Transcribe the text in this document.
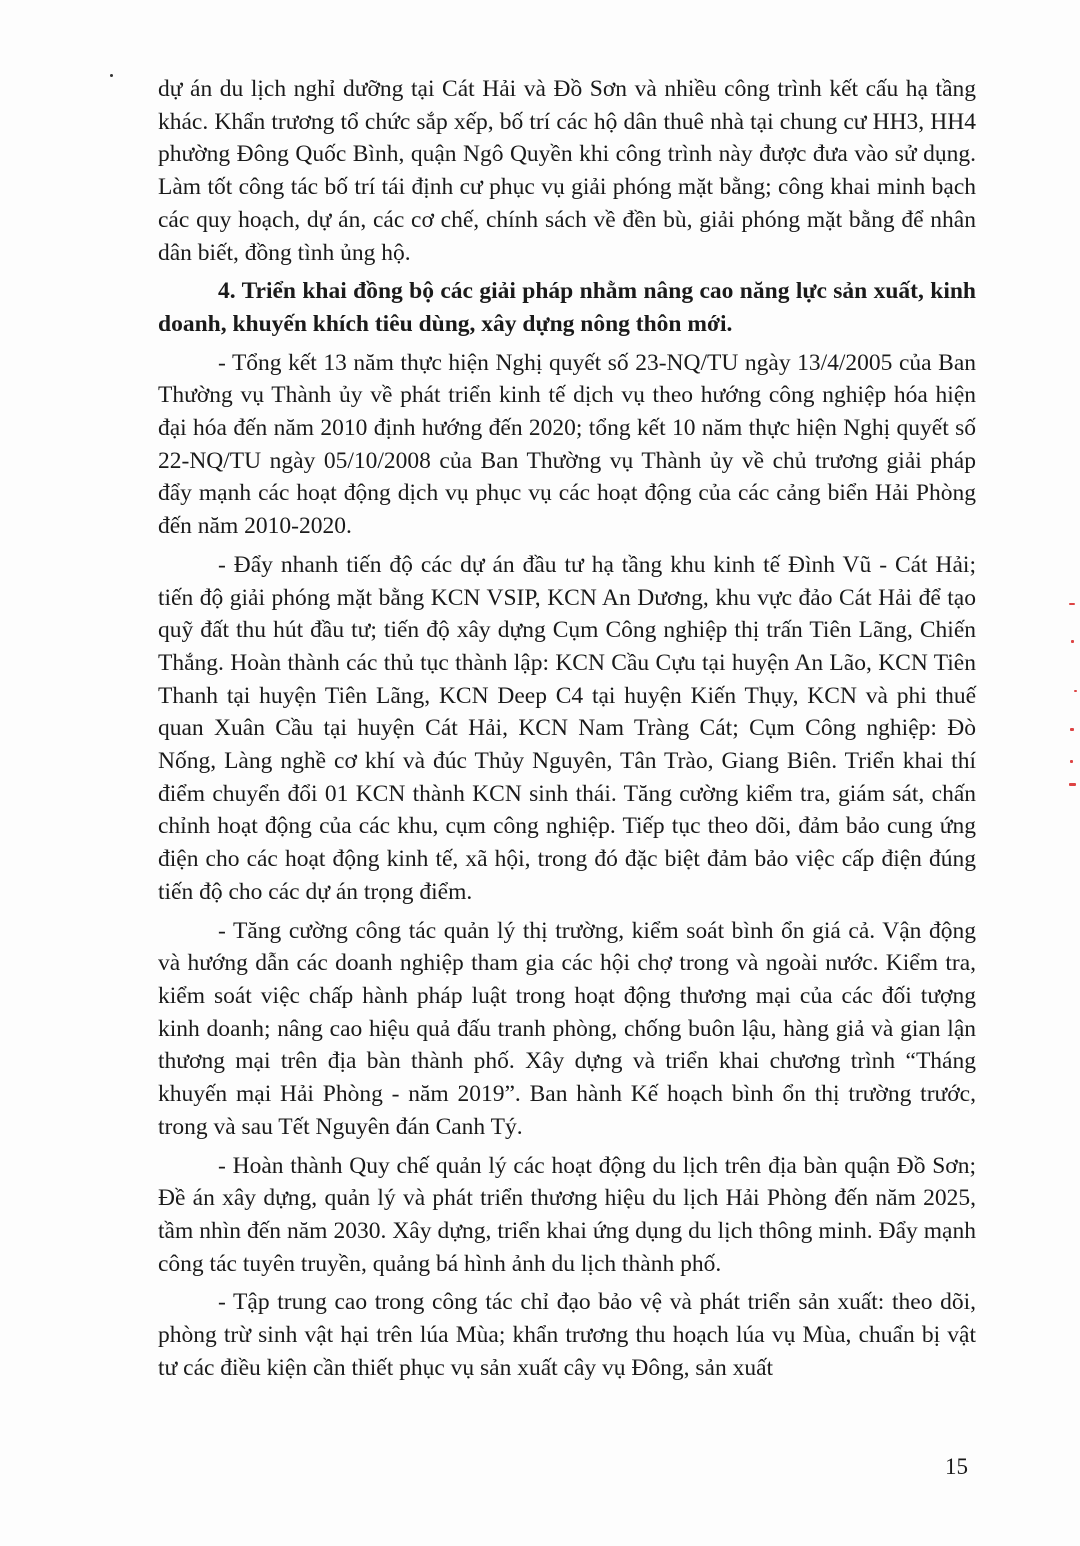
dự án du lịch nghỉ dưỡng tại Cát Hải và Đồ Sơn và nhiều công trình kết cấu hạ tầng khác. Khẩn trương tổ chức sắp xếp, bố trí các hộ dân thuê nhà tại chung cư HH3, HH4 phường Đông Quốc Bình, quận Ngô Quyền khi công trình này được đưa vào sử dụng. Làm tốt công tác bố trí tái định cư phục vụ giải phóng mặt bằng; công khai minh bạch các quy hoạch, dự án, các cơ chế, chính sách về đền bù, giải phóng mặt bằng để nhân dân biết, đồng tình ủng hộ.

4. Triển khai đồng bộ các giải pháp nhằm nâng cao năng lực sản xuất, kinh doanh, khuyến khích tiêu dùng, xây dựng nông thôn mới.

- Tổng kết 13 năm thực hiện Nghị quyết số 23-NQ/TU ngày 13/4/2005 của Ban Thường vụ Thành ủy về phát triển kinh tế dịch vụ theo hướng công nghiệp hóa hiện đại hóa đến năm 2010 định hướng đến 2020; tổng kết 10 năm thực hiện Nghị quyết số 22-NQ/TU ngày 05/10/2008 của Ban Thường vụ Thành ủy về chủ trương giải pháp đẩy mạnh các hoạt động dịch vụ phục vụ các hoạt động của các cảng biển Hải Phòng đến năm 2010-2020.

- Đẩy nhanh tiến độ các dự án đầu tư hạ tầng khu kinh tế Đình Vũ - Cát Hải; tiến độ giải phóng mặt bằng KCN VSIP, KCN An Dương, khu vực đảo Cát Hải để tạo quỹ đất thu hút đầu tư; tiến độ xây dựng Cụm Công nghiệp thị trấn Tiên Lãng, Chiến Thắng. Hoàn thành các thủ tục thành lập: KCN Cầu Cựu tại huyện An Lão, KCN Tiên Thanh tại huyện Tiên Lãng, KCN Deep C4 tại huyện Kiến Thụy, KCN và phi thuế quan Xuân Cầu tại huyện Cát Hải, KCN Nam Tràng Cát; Cụm Công nghiệp: Đò Nống, Làng nghề cơ khí và đúc Thủy Nguyên, Tân Trào, Giang Biên. Triển khai thí điểm chuyển đổi 01 KCN thành KCN sinh thái. Tăng cường kiểm tra, giám sát, chấn chỉnh hoạt động của các khu, cụm công nghiệp. Tiếp tục theo dõi, đảm bảo cung ứng điện cho các hoạt động kinh tế, xã hội, trong đó đặc biệt đảm bảo việc cấp điện đúng tiến độ cho các dự án trọng điểm.

- Tăng cường công tác quản lý thị trường, kiểm soát bình ổn giá cả. Vận động và hướng dẫn các doanh nghiệp tham gia các hội chợ trong và ngoài nước. Kiểm tra, kiểm soát việc chấp hành pháp luật trong hoạt động thương mại của các đối tượng kinh doanh; nâng cao hiệu quả đấu tranh phòng, chống buôn lậu, hàng giả và gian lận thương mại trên địa bàn thành phố. Xây dựng và triển khai chương trình “Tháng khuyến mại Hải Phòng - năm 2019”. Ban hành Kế hoạch bình ổn thị trường trước, trong và sau Tết Nguyên đán Canh Tý.

- Hoàn thành Quy chế quản lý các hoạt động du lịch trên địa bàn quận Đồ Sơn; Đề án xây dựng, quản lý và phát triển thương hiệu du lịch Hải Phòng đến năm 2025, tầm nhìn đến năm 2030. Xây dựng, triển khai ứng dụng du lịch thông minh. Đẩy mạnh công tác tuyên truyền, quảng bá hình ảnh du lịch thành phố.

- Tập trung cao trong công tác chỉ đạo bảo vệ và phát triển sản xuất: theo dõi, phòng trừ sinh vật hại trên lúa Mùa; khẩn trương thu hoạch lúa vụ Mùa, chuẩn bị vật tư các điều kiện cần thiết phục vụ sản xuất cây vụ Đông, sản xuất

15
